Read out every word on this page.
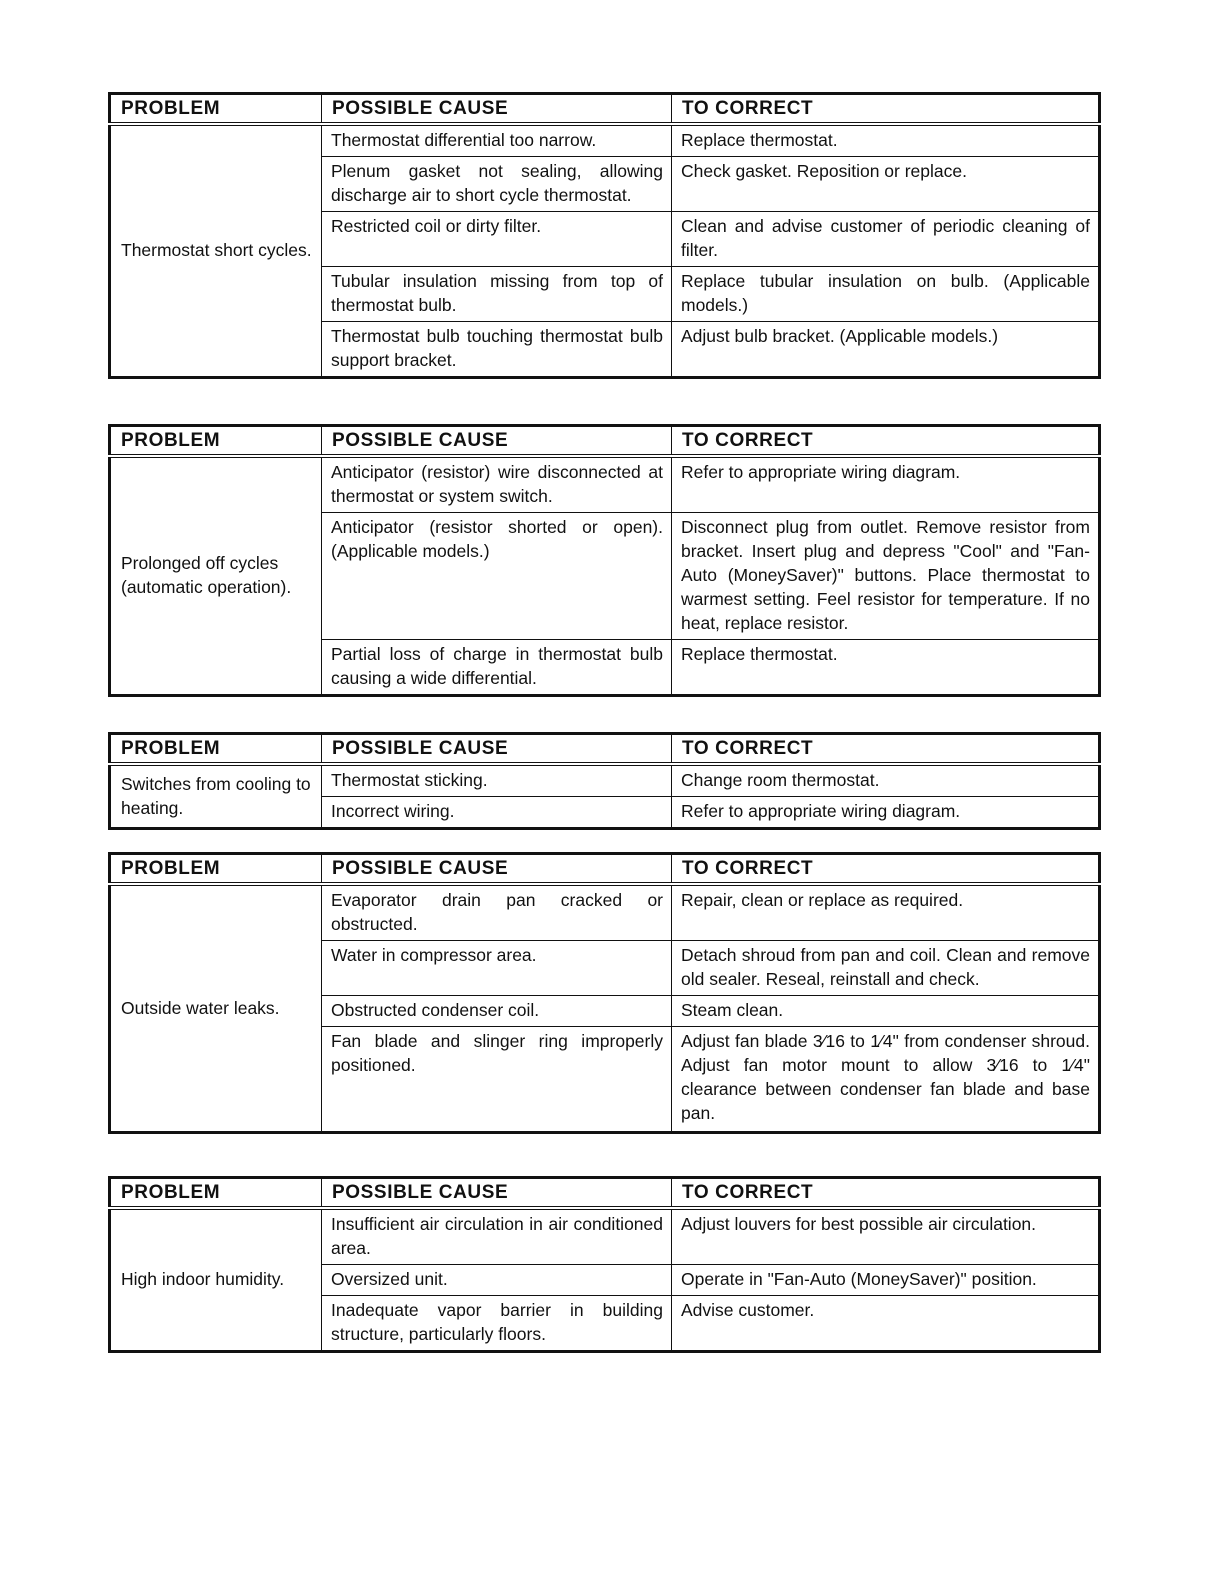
PROBLEM	POSSIBLE CAUSE	TO CORRECT
Thermostat short cycles.	Thermostat differential too narrow.	Replace thermostat.
	Plenum gasket not sealing, allowing discharge air to short cycle thermostat.	Check gasket. Reposition or replace.
	Restricted coil or dirty filter.	Clean and advise customer of periodic cleaning of filter.
	Tubular insulation missing from top of thermostat bulb.	Replace tubular insulation on bulb. (Applicable models.)
	Thermostat bulb touching thermostat bulb support bracket.	Adjust bulb bracket. (Applicable models.)
PROBLEM	POSSIBLE CAUSE	TO CORRECT
Prolonged off cycles (automatic operation).	Anticipator (resistor) wire disconnected at thermostat or system switch.	Refer to appropriate wiring diagram.
	Anticipator (resistor shorted or open). (Applicable models.)	Disconnect plug from outlet. Remove resistor from bracket. Insert plug and depress "Cool" and "Fan-Auto (MoneySaver)" buttons. Place thermostat to warmest setting. Feel resistor for temperature. If no heat, replace resistor.
	Partial loss of charge in thermostat bulb causing a wide differential.	Replace thermostat.
PROBLEM	POSSIBLE CAUSE	TO CORRECT
Switches from cooling to heating.	Thermostat sticking.	Change room thermostat.
	Incorrect wiring.	Refer to appropriate wiring diagram.
PROBLEM	POSSIBLE CAUSE	TO CORRECT
Outside water leaks.	Evaporator drain pan cracked or obstructed.	Repair, clean or replace as required.
	Water in compressor area.	Detach shroud from pan and coil. Clean and remove old sealer. Reseal, reinstall and check.
	Obstructed condenser coil.	Steam clean.
	Fan blade and slinger ring improperly positioned.	Adjust fan blade 3⁄16 to 1⁄4" from condenser shroud. Adjust fan motor mount to allow 3⁄16 to 1⁄4" clearance between condenser fan blade and base pan.
PROBLEM	POSSIBLE CAUSE	TO CORRECT
High indoor humidity.	Insufficient air circulation in air conditioned area.	Adjust louvers for best possible air circulation.
	Oversized unit.	Operate in "Fan-Auto (MoneySaver)" position.
	Inadequate vapor barrier in building structure, particularly floors.	Advise customer.
